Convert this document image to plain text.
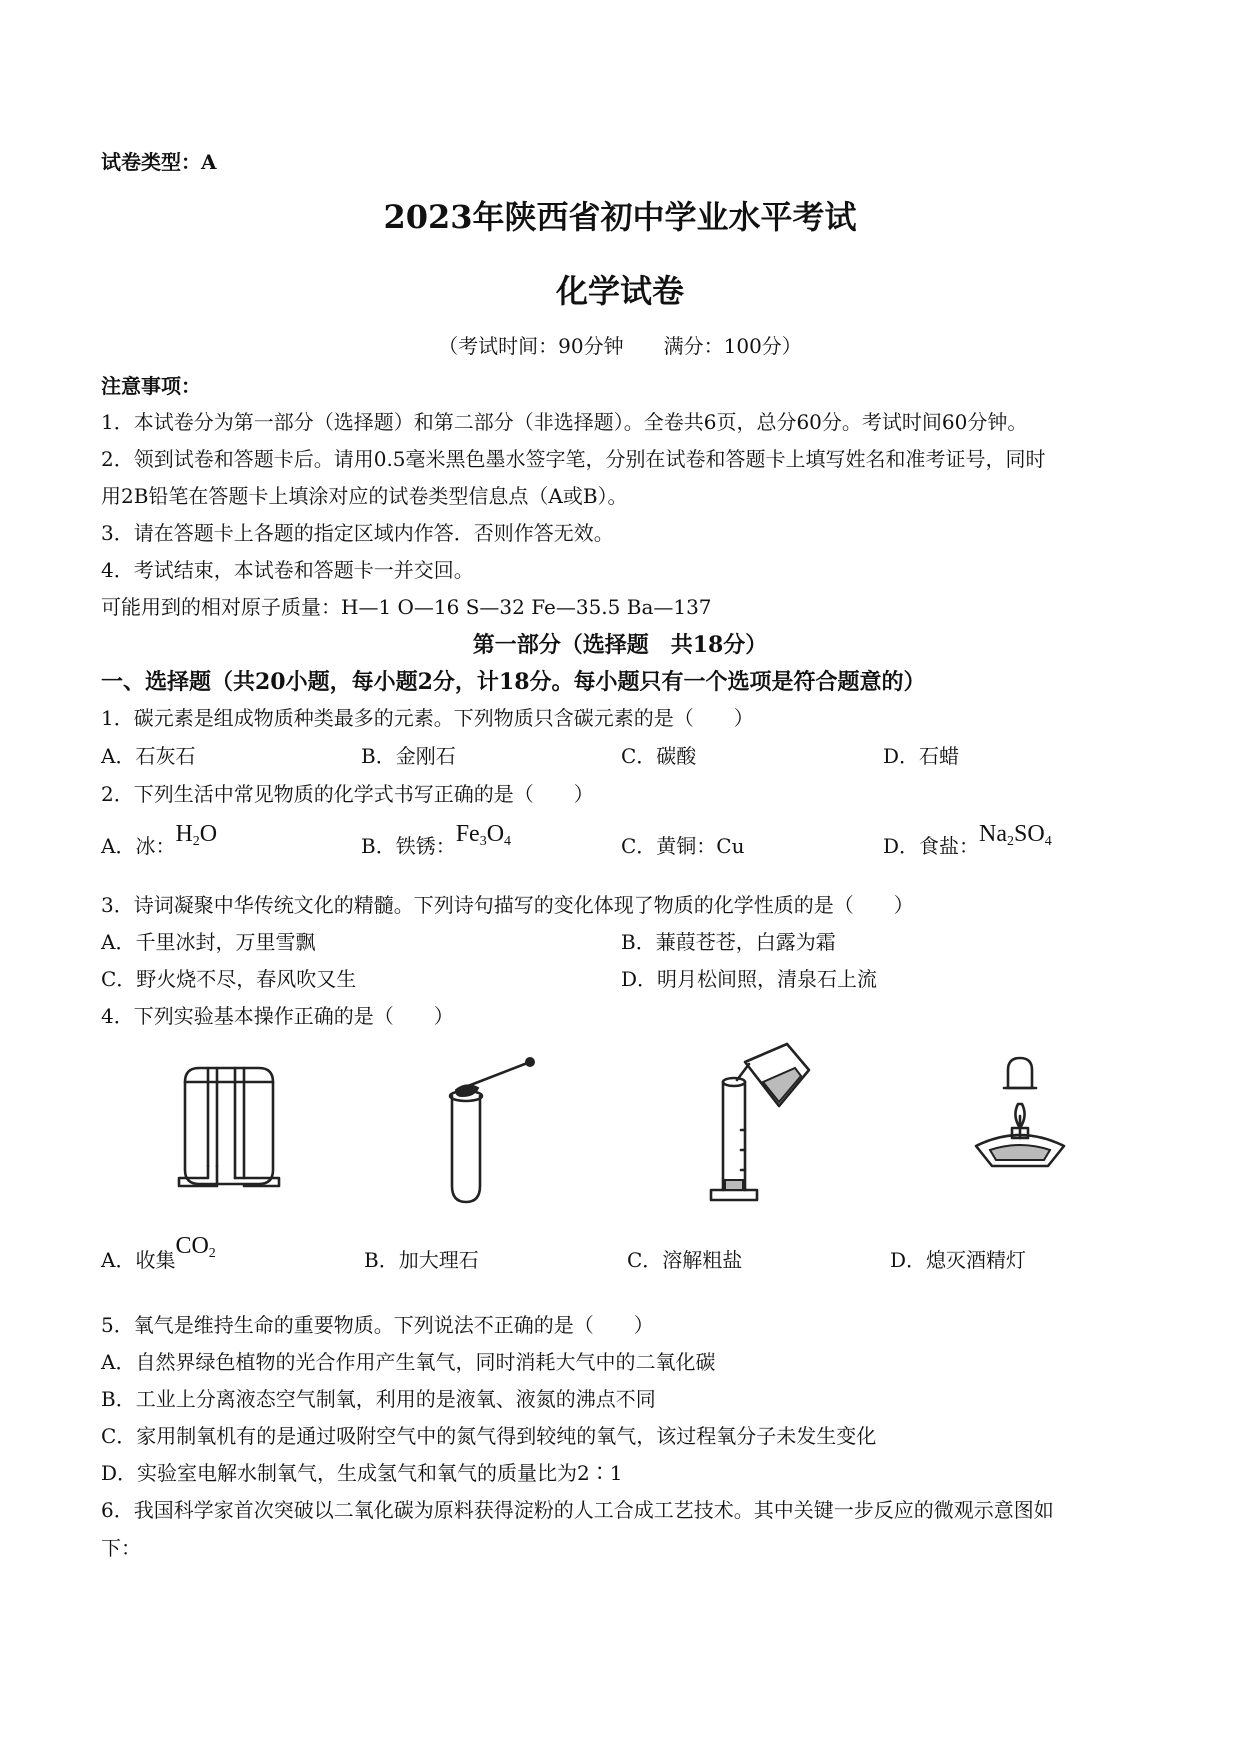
试卷类型：A
2023年陕西省初中学业水平考试
化学试卷
（考试时间：90分钟　　满分：100分）
注意事项：
1．本试卷分为第一部分（选择题）和第二部分（非选择题）。全卷共6页，总分60分。考试时间60分钟。
2．领到试卷和答题卡后。请用0.5毫米黑色墨水签字笔，分别在试卷和答题卡上填写姓名和准考证号，同时
用2B铅笔在答题卡上填涂对应的试卷类型信息点（A或B）。
3．请在答题卡上各题的指定区域内作答．否则作答无效。
4．考试结束，本试卷和答题卡一并交回。
可能用到的相对原子质量：H—1 O—16 S—32 Fe—35.5 Ba—137
第一部分（选择题　共18分）
一、选择题（共20小题，每小题2分，计18分。每小题只有一个选项是符合题意的）
1．碳元素是组成物质种类最多的元素。下列物质只含碳元素的是（　　）
A．石灰石	B．金刚石	C．碳酸	D．石蜡
2．下列生活中常见物质的化学式书写正确的是（　　）
A．冰：$H_2O$	B．铁锈：$Fe_3O_4$	C．黄铜：Cu	D．食盐：$Na_2SO_4$
3．诗词凝聚中华传统文化的精髓。下列诗句描写的变化体现了物质的化学性质的是（　　）
A．千里冰封，万里雪飘	B．蒹葭苍苍，白露为霜
C．野火烧不尽，春风吹又生	D．明月松间照，清泉石上流
4．下列实验基本操作正确的是（　　）
A．收集$CO_2$	B．加大理石	C．溶解粗盐	D．熄灭酒精灯
5．氧气是维持生命的重要物质。下列说法不正确的是（　　）
A．自然界绿色植物的光合作用产生氧气，同时消耗大气中的二氧化碳
B．工业上分离液态空气制氧，利用的是液氧、液氮的沸点不同
C．家用制氧机有的是通过吸附空气中的氮气得到较纯的氧气，该过程氧分子未发生变化
D．实验室电解水制氧气，生成氢气和氧气的质量比为2∶1
6．我国科学家首次突破以二氧化碳为原料获得淀粉的人工合成工艺技术。其中关键一步反应的微观示意图如
下：
